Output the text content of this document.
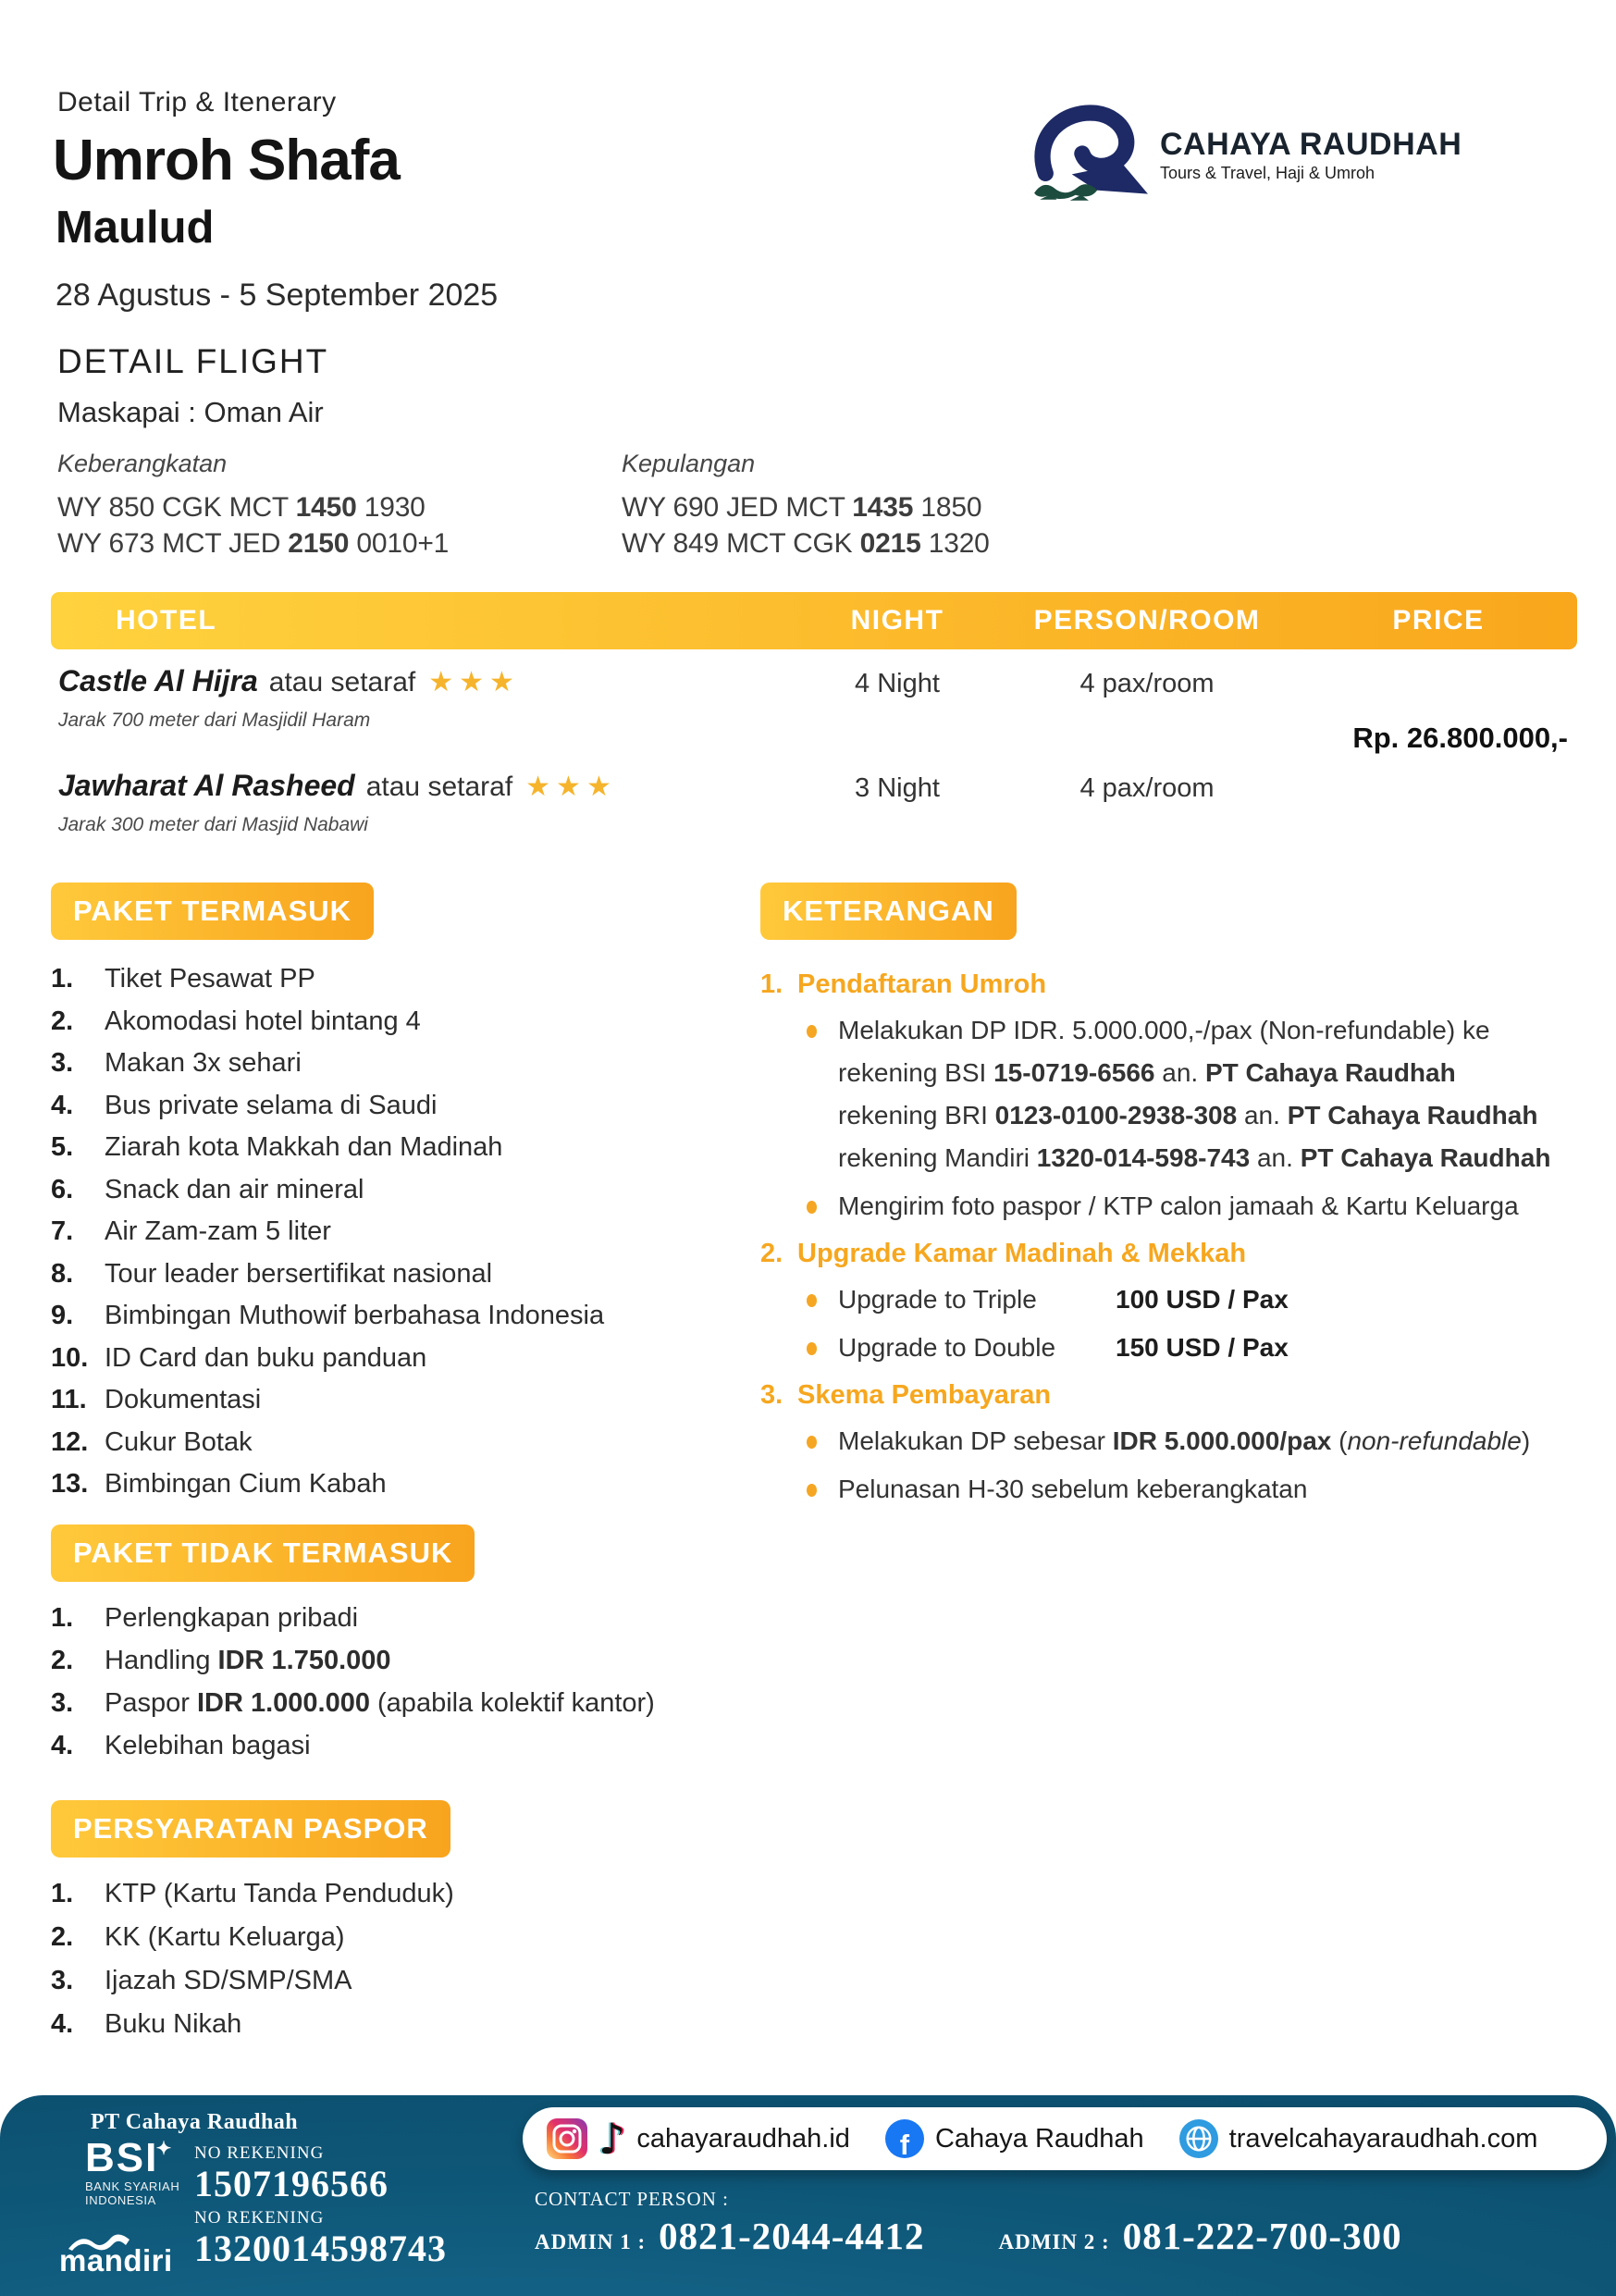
Detail Trip & Itenerary
Umroh Shafa
Maulud
28 Agustus - 5 September 2025
CAHAYA RAUDHAH
Tours & Travel, Haji & Umroh
DETAIL FLIGHT
Maskapai : Oman Air
Keberangkatan
WY 850 CGK MCT 1450 1930
WY 673 MCT JED 2150 0010+1
Kepulangan
WY 690 JED MCT 1435 1850
WY 849 MCT CGK 0215 1320
HOTEL	NIGHT	PERSON/ROOM	PRICE
Rp. 26.800.000,-
Castle Al Hijra atau setaraf ★★★
Jarak 700 meter dari Masjidil Haram
4 Night	4 pax/room
Jawharat Al Rasheed atau setaraf ★★★
Jarak 300 meter dari Masjid Nabawi
3 Night	4 pax/room
PAKET TERMASUK	KETERANGAN
Tiket Pesawat PP
Akomodasi hotel bintang 4
Makan 3x sehari
Bus private selama di Saudi
Ziarah kota Makkah dan Madinah
Snack dan air mineral
Air Zam-zam 5 liter
Tour leader bersertifikat nasional
Bimbingan Muthowif berbahasa Indonesia
ID Card dan buku panduan
Dokumentasi
Cukur Botak
Bimbingan Cium Kabah
1. Pendaftaran Umroh
Melakukan DP IDR. 5.000.000,-/pax (Non-refundable) ke
rekening BSI 15-0719-6566 an. PT Cahaya Raudhah
rekening BRI 0123-0100-2938-308 an. PT Cahaya Raudhah
rekening Mandiri 1320-014-598-743 an. PT Cahaya Raudhah
Mengirim foto paspor / KTP calon jamaah & Kartu Keluarga
2. Upgrade Kamar Madinah & Mekkah
Upgrade to Triple	100 USD / Pax
Upgrade to Double 150 USD / Pax
3. Skema Pembayaran
Melakukan DP sebesar IDR 5.000.000/pax (non-refundable)
Pelunasan H-30 sebelum keberangkatan
PAKET TIDAK TERMASUK
Perlengkapan pribadi
Handling IDR 1.750.000
Paspor IDR 1.000.000 (apabila kolektif kantor)
Kelebihan bagasi
PERSYARATAN PASPOR
KTP (Kartu Tanda Penduduk)
KK (Kartu Keluarga)
Ijazah SD/SMP/SMA
Buku Nikah
PT Cahaya Raudhah
BSI
✦
BANK SYARIAH
INDONESIA
NO REKENING
1507196566
mandiri
NO REKENING
1320014598743
♪ cahayaraudhah.id f Cahaya Raudhah	travelcahayaraudhah.com
CONTACT PERSON :
ADMIN 1 : 0821-2044-4412	ADMIN 2 : 081-222-700-300
